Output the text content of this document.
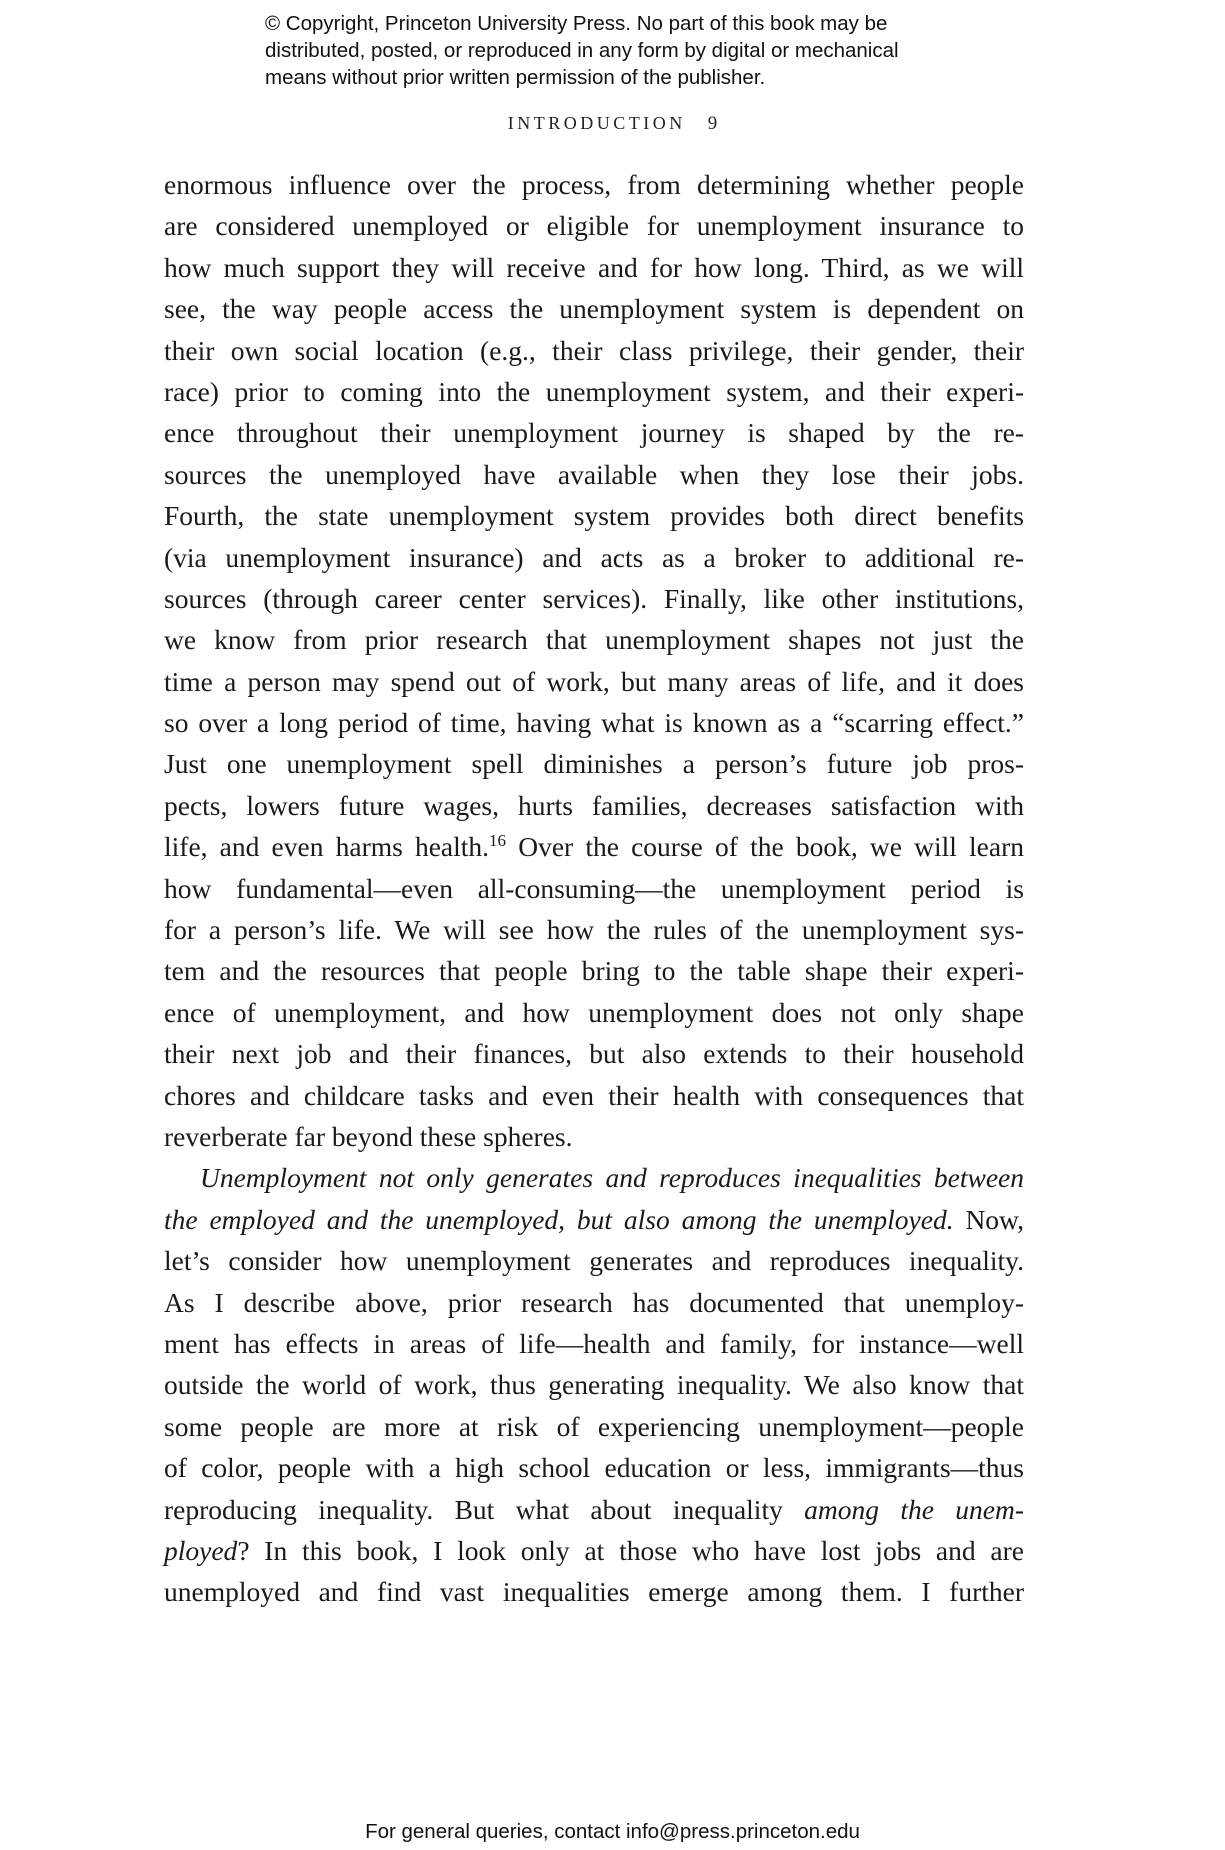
© Copyright, Princeton University Press. No part of this book may be
distributed, posted, or reproduced in any form by digital or mechanical
means without prior written permission of the publisher.
INTRODUCTION 9
enormous influence over the process, from determining whether people
are considered unemployed or eligible for unemployment insurance to
how much support they will receive and for how long. Third, as we will
see, the way people access the unemployment system is dependent on
their own social location (e.g., their class privilege, their gender, their
race) prior to coming into the unemployment system, and their experi-
ence throughout their unemployment journey is shaped by the re-
sources the unemployed have available when they lose their jobs.
Fourth, the state unemployment system provides both direct benefits
(via unemployment insurance) and acts as a broker to additional re-
sources (through career center services). Finally, like other institutions,
we know from prior research that unemployment shapes not just the
time a person may spend out of work, but many areas of life, and it does
so over a long period of time, having what is known as a “scarring effect.”
Just one unemployment spell diminishes a person’s future job pros-
pects, lowers future wages, hurts families, decreases satisfaction with
life, and even harms health.$^{16}$ Over the course of the book, we will learn
how fundamental—even all-consuming—the unemployment period is
for a person’s life. We will see how the rules of the unemployment sys-
tem and the resources that people bring to the table shape their experi-
ence of unemployment, and how unemployment does not only shape
their next job and their finances, but also extends to their household
chores and childcare tasks and even their health with consequences that
reverberate far beyond these spheres.
Unemployment not only generates and reproduces inequalities between
the employed and the unemployed, but also among the unemployed. Now,
let’s consider how unemployment generates and reproduces inequality.
As I describe above, prior research has documented that unemploy-
ment has effects in areas of life—health and family, for instance—well
outside the world of work, thus generating inequality. We also know that
some people are more at risk of experiencing unemployment—people
of color, people with a high school education or less, immigrants—thus
reproducing inequality. But what about inequality among the unem-
ployed? In this book, I look only at those who have lost jobs and are
unemployed and find vast inequalities emerge among them. I further
For general queries, contact info@press.princeton.edu
